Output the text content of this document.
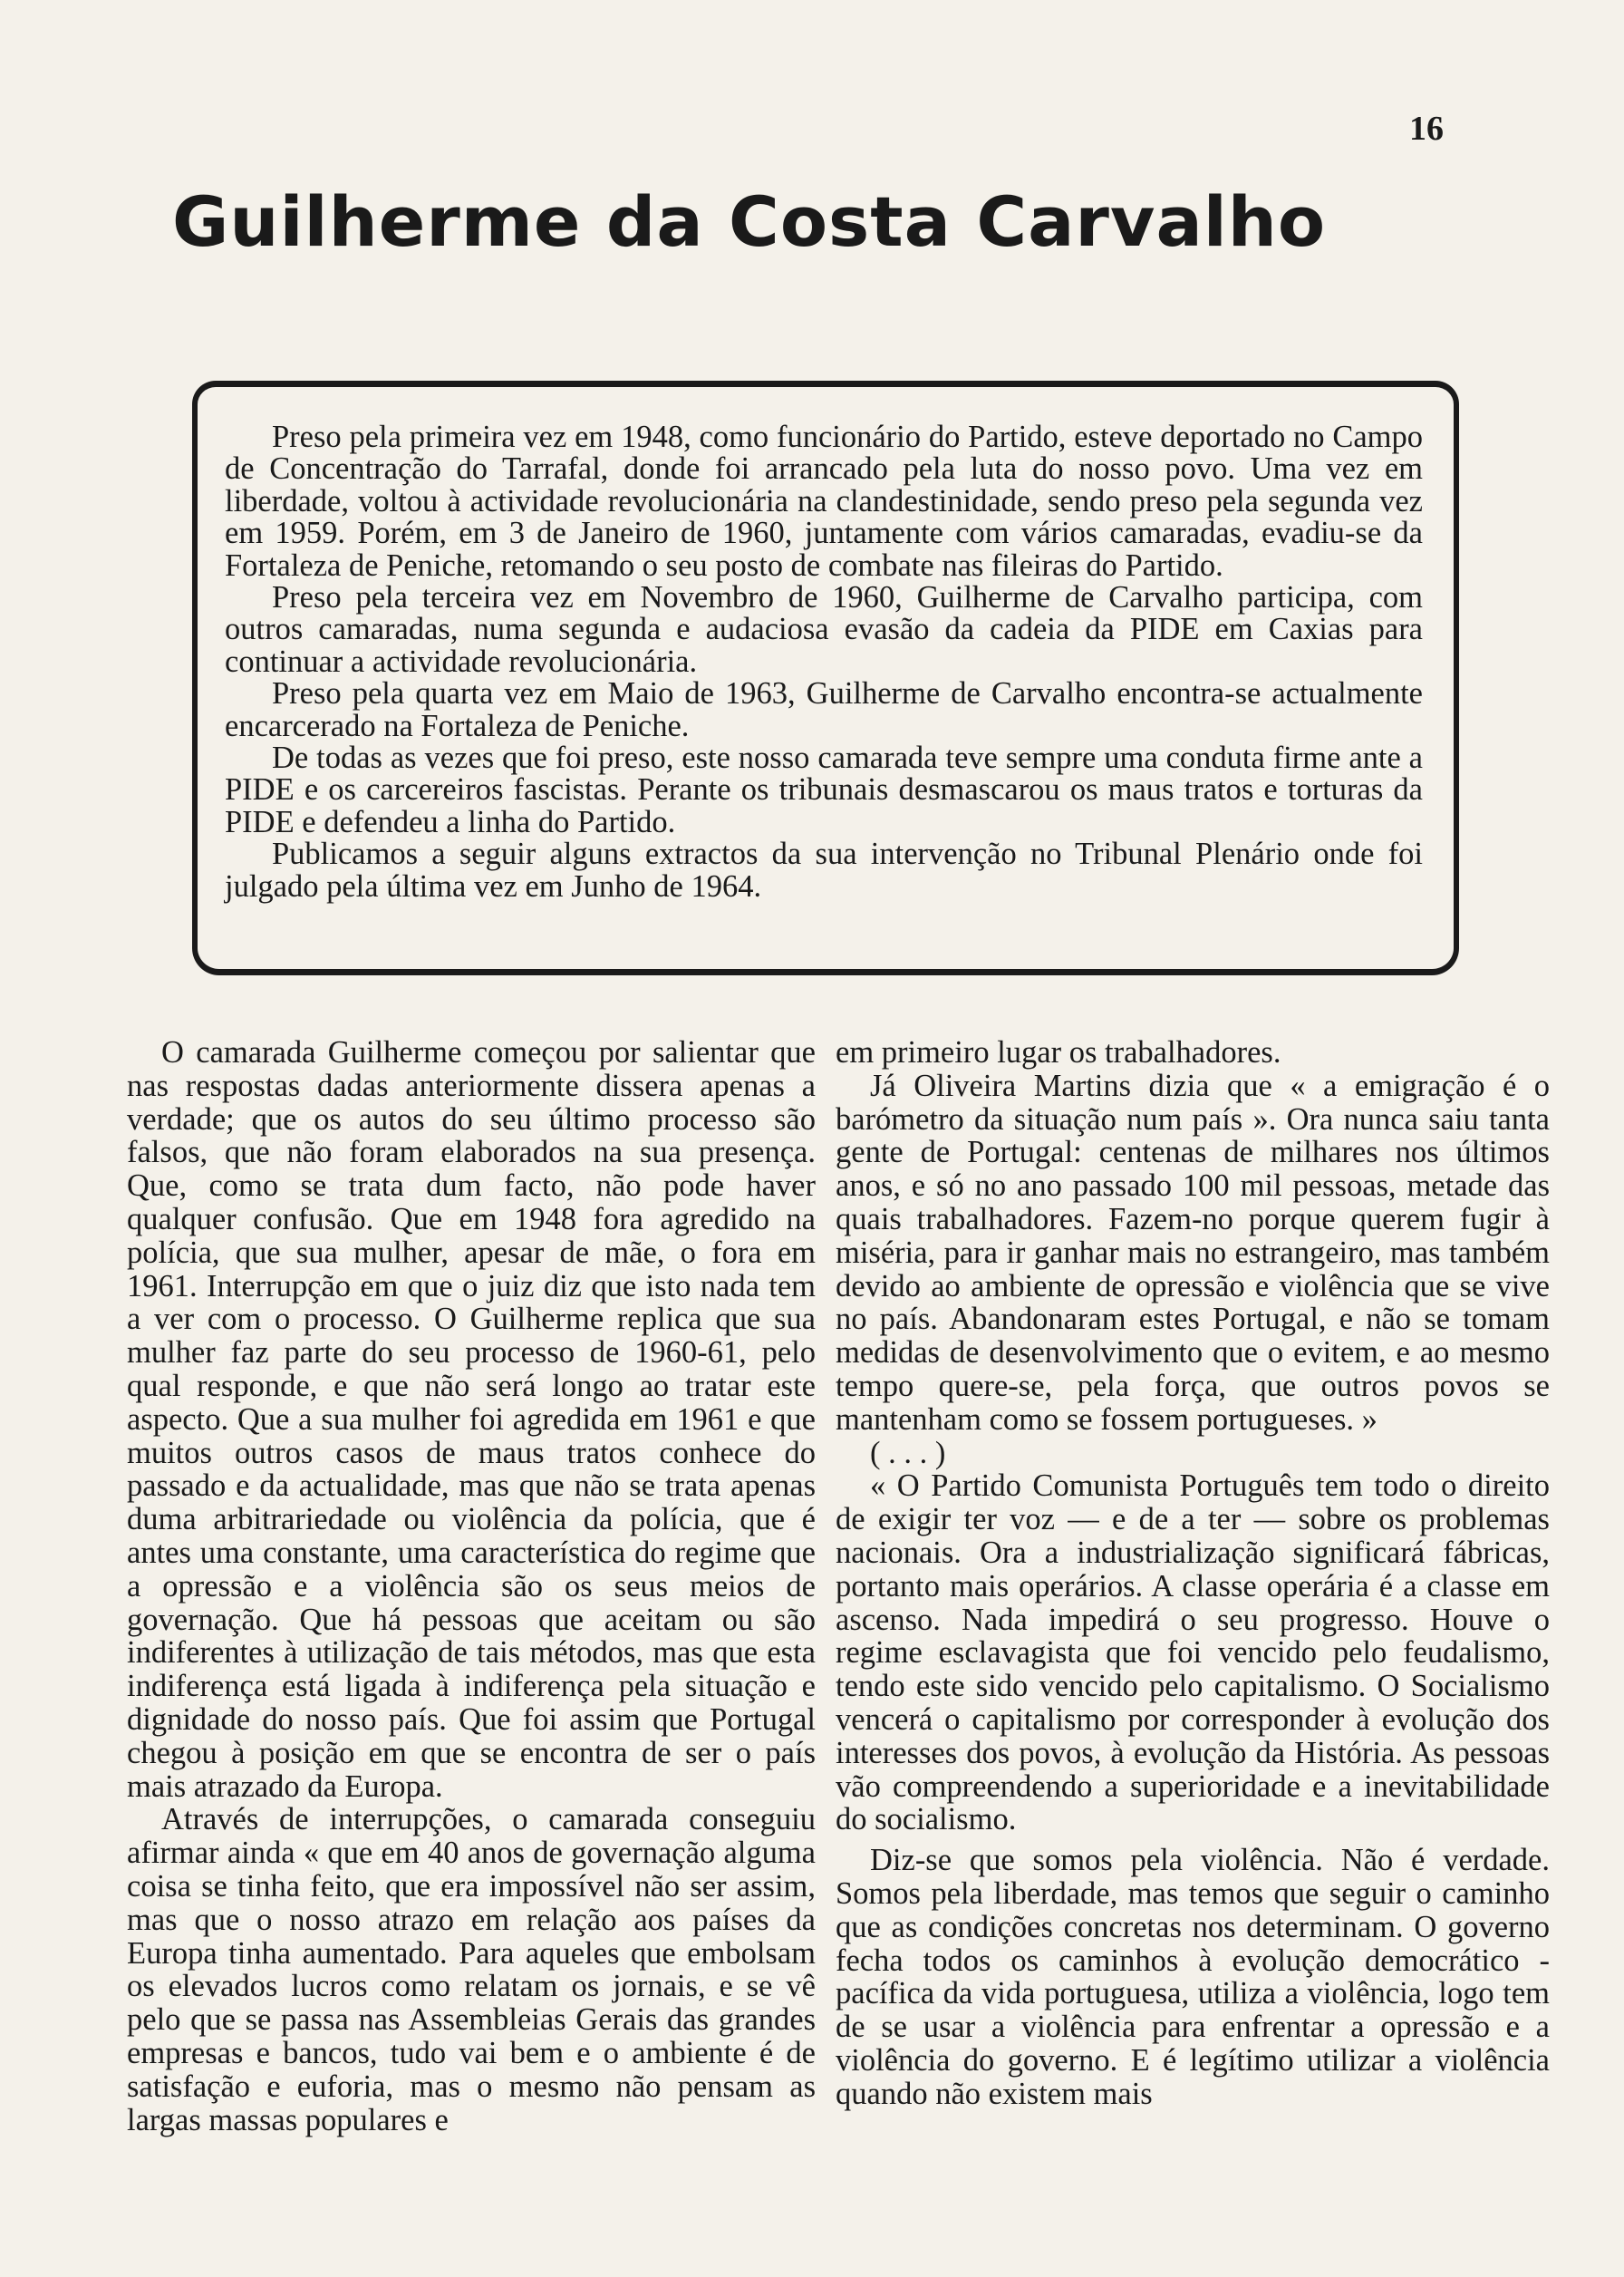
16
Guilherme da Costa Carvalho

Preso pela primeira vez em 1948, como funcionário do Partido, esteve deportado no Campo de Concentração do Tarrafal, donde foi arrancado pela luta do nosso povo. Uma vez em liberdade, voltou à actividade revolucionária na clandestinidade, sendo preso pela segunda vez em 1959. Porém, em 3 de Janeiro de 1960, juntamente com vários camaradas, evadiu-se da Fortaleza de Peniche, retomando o seu posto de combate nas fileiras do Partido.

Preso pela terceira vez em Novembro de 1960, Guilherme de Carvalho participa, com outros camaradas, numa segunda e audaciosa evasão da cadeia da PIDE em Caxias para continuar a actividade revolucionária.

Preso pela quarta vez em Maio de 1963, Guilherme de Carvalho encontra-se actualmente encarcerado na Fortaleza de Peniche.

De todas as vezes que foi preso, este nosso camarada teve sempre uma conduta firme ante a PIDE e os carcereiros fascistas. Perante os tribunais desmascarou os maus tratos e torturas da PIDE e defendeu a linha do Partido.

Publicamos a seguir alguns extractos da sua intervenção no Tribunal Plenário onde foi julgado pela última vez em Junho de 1964.

O camarada Guilherme começou por salientar que nas respostas dadas anteriormente dissera apenas a verdade; que os autos do seu último processo são falsos, que não foram elaborados na sua presença. Que, como se trata dum facto, não pode haver qualquer confusão. Que em 1948 fora agredido na polícia, que sua mulher, apesar de mãe, o fora em 1961. Interrupção em que o juiz diz que isto nada tem a ver com o processo. O Guilherme replica que sua mulher faz parte do seu processo de 1960-61, pelo qual responde, e que não será longo ao tratar este aspecto. Que a sua mulher foi agredida em 1961 e que muitos outros casos de maus tratos conhece do passado e da actualidade, mas que não se trata apenas duma arbitrariedade ou violência da polícia, que é antes uma constante, uma característica do regime que a opressão e a violência são os seus meios de governação. Que há pessoas que aceitam ou são indiferentes à utilização de tais métodos, mas que esta indiferença está ligada à indiferença pela situação e dignidade do nosso país. Que foi assim que Portugal chegou à posição em que se encontra de ser o país mais atrazado da Europa.

Através de interrupções, o camarada conseguiu afirmar ainda « que em 40 anos de governação alguma coisa se tinha feito, que era impossível não ser assim, mas que o nosso atrazo em relação aos países da Europa tinha aumentado. Para aqueles que embolsam os elevados lucros como relatam os jornais, e se vê pelo que se passa nas Assembleias Gerais das grandes empresas e bancos, tudo vai bem e o ambiente é de satisfação e euforia, mas o mesmo não pensam as largas massas populares e

em primeiro lugar os trabalhadores.

Já Oliveira Martins dizia que « a emigração é o barómetro da situação num país ». Ora nunca saiu tanta gente de Portugal: centenas de milhares nos últimos anos, e só no ano passado 100 mil pessoas, metade das quais trabalhadores. Fazem-no porque querem fugir à miséria, para ir ganhar mais no estrangeiro, mas também devido ao ambiente de opressão e violência que se vive no país. Abandonaram estes Portugal, e não se tomam medidas de desenvolvimento que o evitem, e ao mesmo tempo quere-se, pela força, que outros povos se mantenham como se fossem portugueses. »

( . . . )

« O Partido Comunista Português tem todo o direito de exigir ter voz — e de a ter — sobre os problemas nacionais. Ora a industrialização significará fábricas, portanto mais operários. A classe operária é a classe em ascenso. Nada impedirá o seu progresso. Houve o regime esclavagista que foi vencido pelo feudalismo, tendo este sido vencido pelo capitalismo. O Socialismo vencerá o capitalismo por corresponder à evolução dos interesses dos povos, à evolução da História. As pessoas vão compreendendo a superioridade e a inevitabilidade do socialismo.

Diz-se que somos pela violência. Não é verdade. Somos pela liberdade, mas temos que seguir o caminho que as condições concretas nos determinam. O governo fecha todos os caminhos à evolução democrático - pacífica da vida portuguesa, utiliza a violência, logo tem de se usar a violência para enfrentar a opressão e a violência do governo. E é legítimo utilizar a violência quando não existem mais
